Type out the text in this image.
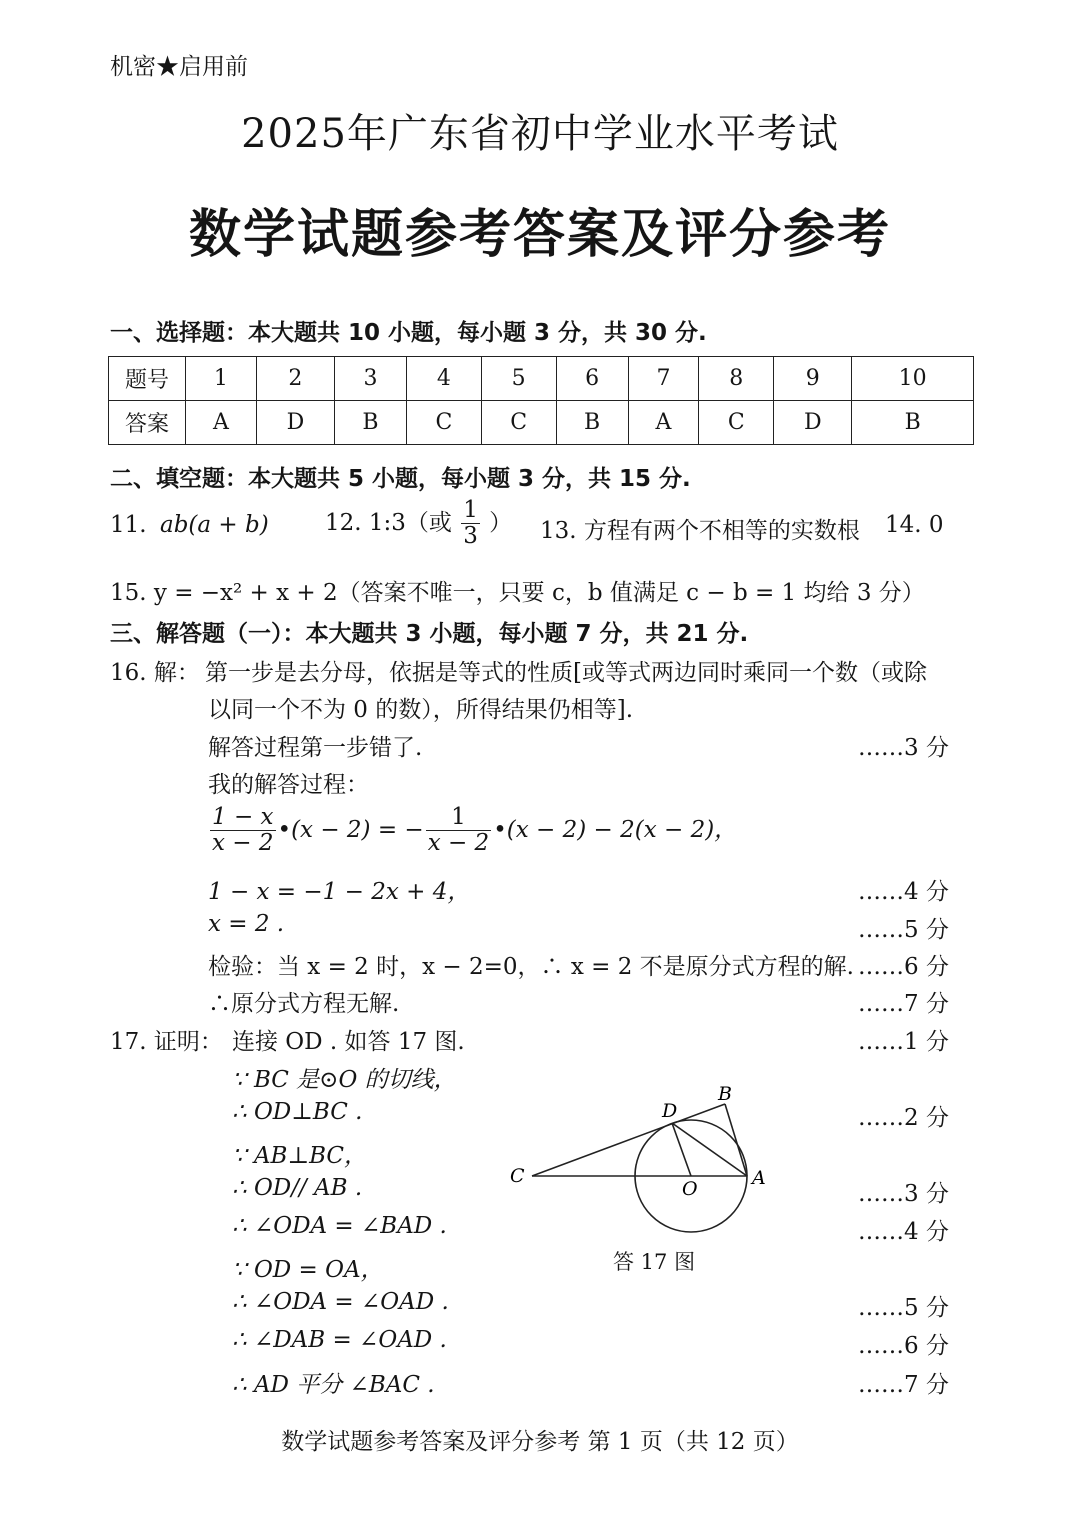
机密★启用前
2025年广东省初中学业水平考试
数学试题参考答案及评分参考
一、选择题：本大题共 10 小题，每小题 3 分，共 30 分.
题号	1	2	3	4	5	6	7	8	9	10
答案	A	D	B	C	C	B	A	C	D	B
二、填空题：本大题共 5 小题，每小题 3 分，共 15 分.
11. ab(a + b) 12. 1:3（或 $\frac{1}{3}$ ） 13. 方程有两个不相等的实数根 14. 0
15. y = −x² + x + 2（答案不唯一，只要 c，b 值满足 c − b = 1 均给 3 分）
三、解答题（一）：本大题共 3 小题，每小题 7 分，共 21 分.
16. 解： 第一步是去分母，依据是等式的性质[或等式两边同时乘同一个数（或除
以同一个不为 0 的数），所得结果仍相等].
解答过程第一步错了.	……3 分
我的解答过程：
$\frac{1 - x}{x - 2}$ •(x − 2) = − $\frac{1}{x - 2}$ •(x − 2) − 2(x − 2)，
1 − x = −1 − 2x + 4，	……4 分
x = 2 .	……5 分
检验：当 x = 2 时，x − 2=0，∴ x = 2 不是原分式方程的解. ……6 分
∴原分式方程无解.	……7 分
17. 证明： 连接 OD . 如答 17 图.	……1 分
∵ BC 是⊙O 的切线，
∴ OD⊥BC .	……2 分
∵ AB⊥BC，
∴ OD// AB .	……3 分
∴ ∠ODA = ∠BAD .	……4 分
∵ OD = OA，
∴ ∠ODA = ∠OAD .	……5 分
∴ ∠DAB = ∠OAD .	……6 分
∴ AD 平分 ∠BAC .	……7 分
B
D
C
O	A
答 17 图
数学试题参考答案及评分参考 第 1 页（共 12 页）
